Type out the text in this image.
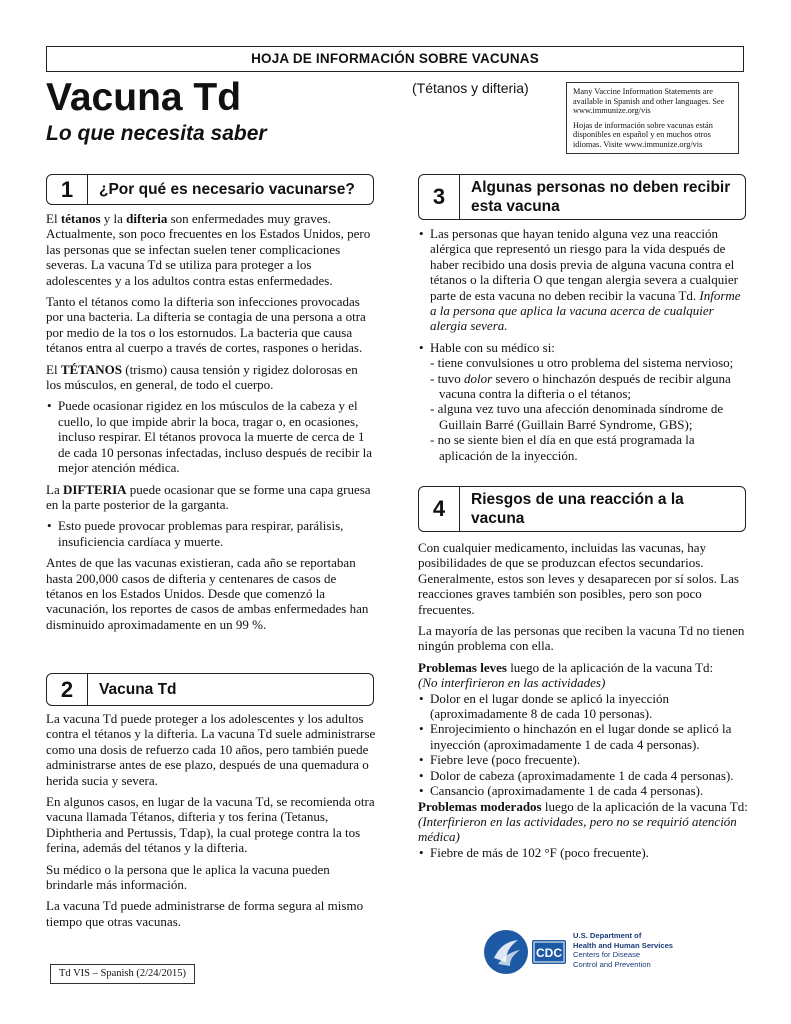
HOJA DE INFORMACIÓN SOBRE VACUNAS
Vacuna Td
Lo que necesita saber
(Tétanos y difteria)	Many Vaccine Information Statements are available in Spanish and other languages. See www.immunize.org/vis

Hojas de información sobre vacunas están disponibles en español y en muchos otros idiomas. Visite www.immunize.org/vis

1	¿Por qué es necesario vacunarse?

El tétanos y la difteria son enfermedades muy graves. Actualmente, son poco frecuentes en los Estados Unidos, pero las personas que se infectan suelen tener complicaciones severas. La vacuna Td se utiliza para proteger a los adolescentes y a los adultos contra estas enfermedades.

Tanto el tétanos como la difteria son infecciones provocadas por una bacteria. La difteria se contagia de una persona a otra por medio de la tos o los estornudos. La bacteria que causa tétanos entra al cuerpo a través de cortes, raspones o heridas.

El TÉTANOS (trismo) causa tensión y rigidez dolorosas en los músculos, en general, de todo el cuerpo.

• Puede ocasionar rigidez en los músculos de la cabeza y el cuello, lo que impide abrir la boca, tragar o, en ocasiones, incluso respirar. El tétanos provoca la muerte de cerca de 1 de cada 10 personas infectadas, incluso después de recibir la mejor atención médica.

La DIFTERIA puede ocasionar que se forme una capa gruesa en la parte posterior de la garganta.

• Esto puede provocar problemas para respirar, parálisis, insuficiencia cardíaca y muerte.

Antes de que las vacunas existieran, cada año se reportaban hasta 200,000 casos de difteria y centenares de casos de tétanos en los Estados Unidos. Desde que comenzó la vacunación, los reportes de casos de ambas enfermedades han disminuido aproximadamente en un 99 %.

2	Vacuna Td

La vacuna Td puede proteger a los adolescentes y los adultos contra el tétanos y la difteria. La vacuna Td suele administrarse como una dosis de refuerzo cada 10 años, pero también puede administrarse antes de ese plazo, después de una quemadura o herida sucia y severa.

En algunos casos, en lugar de la vacuna Td, se recomienda otra vacuna llamada Tétanos, difteria y tos ferina (Tetanus, Diphtheria and Pertussis, Tdap), la cual protege contra la tos ferina, además del tétanos y la difteria.

Su médico o la persona que le aplica la vacuna pueden brindarle más información.

La vacuna Td puede administrarse de forma segura al mismo tiempo que otras vacunas.

3	Algunas personas no deben recibir esta vacuna
• Las personas que hayan tenido alguna vez una reacción alérgica que representó un riesgo para la vida después de haber recibido una dosis previa de alguna vacuna contra el tétanos o la difteria O que tengan alergia severa a cualquier parte de esta vacuna no deben recibir la vacuna Td. Informe a la persona que aplica la vacuna acerca de cualquier alergia severa.
• Hable con su médico si:
- tiene convulsiones u otro problema del sistema nervioso;
- tuvo dolor severo o hinchazón después de recibir alguna vacuna contra la difteria o el tétanos;
- alguna vez tuvo una afección denominada síndrome de Guillain Barré (Guillain Barré Syndrome, GBS);
- no se siente bien el día en que está programada la aplicación de la inyección.
4	Riesgos de una reacción a la vacuna

Con cualquier medicamento, incluidas las vacunas, hay posibilidades de que se produzcan efectos secundarios. Generalmente, estos son leves y desaparecen por sí solos. Las reacciones graves también son posibles, pero son poco frecuentes.

La mayoría de las personas que reciben la vacuna Td no tienen ningún problema con ella.

Problemas leves luego de la aplicación de la vacuna Td:
(No interfirieron en las actividades)
• Dolor en el lugar donde se aplicó la inyección (aproximadamente 8 de cada 10 personas).
• Enrojecimiento o hinchazón en el lugar donde se aplicó la inyección (aproximadamente 1 de cada 4 personas).
• Fiebre leve (poco frecuente).
• Dolor de cabeza (aproximadamente 1 de cada 4 personas).
• Cansancio (aproximadamente 1 de cada 4 personas).
Problemas moderados luego de la aplicación de la vacuna Td:
(Interfirieron en las actividades, pero no se requirió atención médica)
• Fiebre de más de 102 °F (poco frecuente).
Td VIS – Spanish (2/24/2015)
CDC
U.S. Department of
Health and Human Services
Centers for Disease
Control and Prevention
